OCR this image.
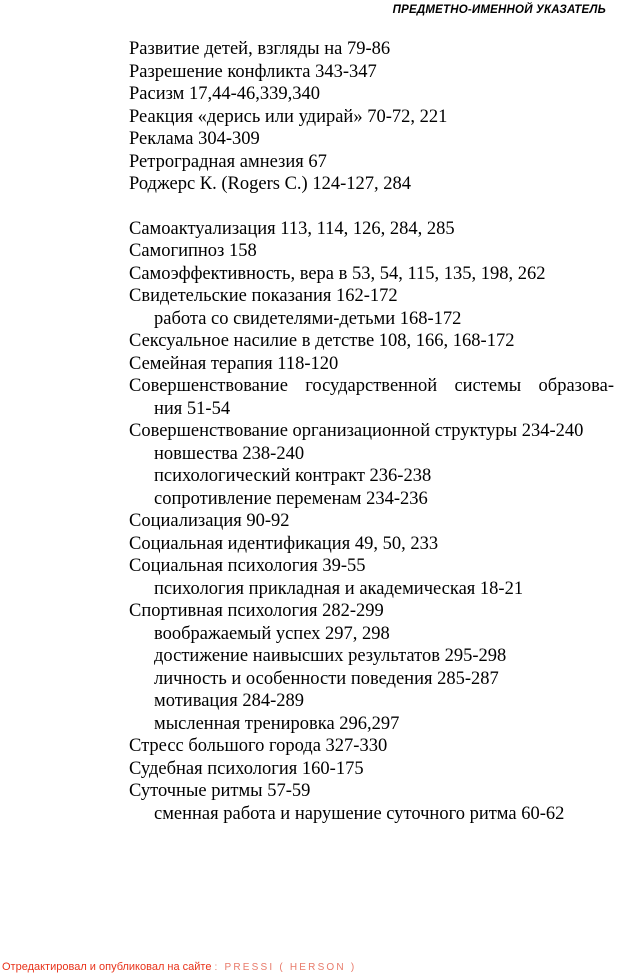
ПРЕДМЕТНО-ИМЕННОЙ УКАЗАТЕЛЬ
Развитие детей, взгляды на 79-86
Разрешение конфликта 343-347
Расизм 17,44-46,339,340
Реакция «дерись или удирай» 70-72, 221
Реклама 304-309
Ретроградная амнезия 67
Роджерс К. (Rogers С.) 124-127, 284
Самоактуализация 113, 114, 126, 284, 285
Самогипноз 158
Самоэффективность, вера в 53, 54, 115, 135, 198, 262
Свидетельские показания 162-172
работа со свидетелями-детьми 168-172
Сексуальное насилие в детстве 108, 166, 168-172
Семейная терапия 118-120
Совершенствование государственной системы образова-
ния 51-54
Совершенствование организационной структуры 234-240
новшества 238-240
психологический контракт 236-238
сопротивление переменам 234-236
Социализация 90-92
Социальная идентификация 49, 50, 233
Социальная психология 39-55
психология прикладная и академическая 18-21
Спортивная психология 282-299
воображаемый успех 297, 298
достижение наивысших результатов 295-298
личность и особенности поведения 285-287
мотивация 284-289
мысленная тренировка 296,297
Стресс большого города 327-330
Судебная психология 160-175
Суточные ритмы 57-59
сменная работа и нарушение суточного ритма 60-62
Отредактировал и опубликовал на сайте : PRESSI ( HERSON )
